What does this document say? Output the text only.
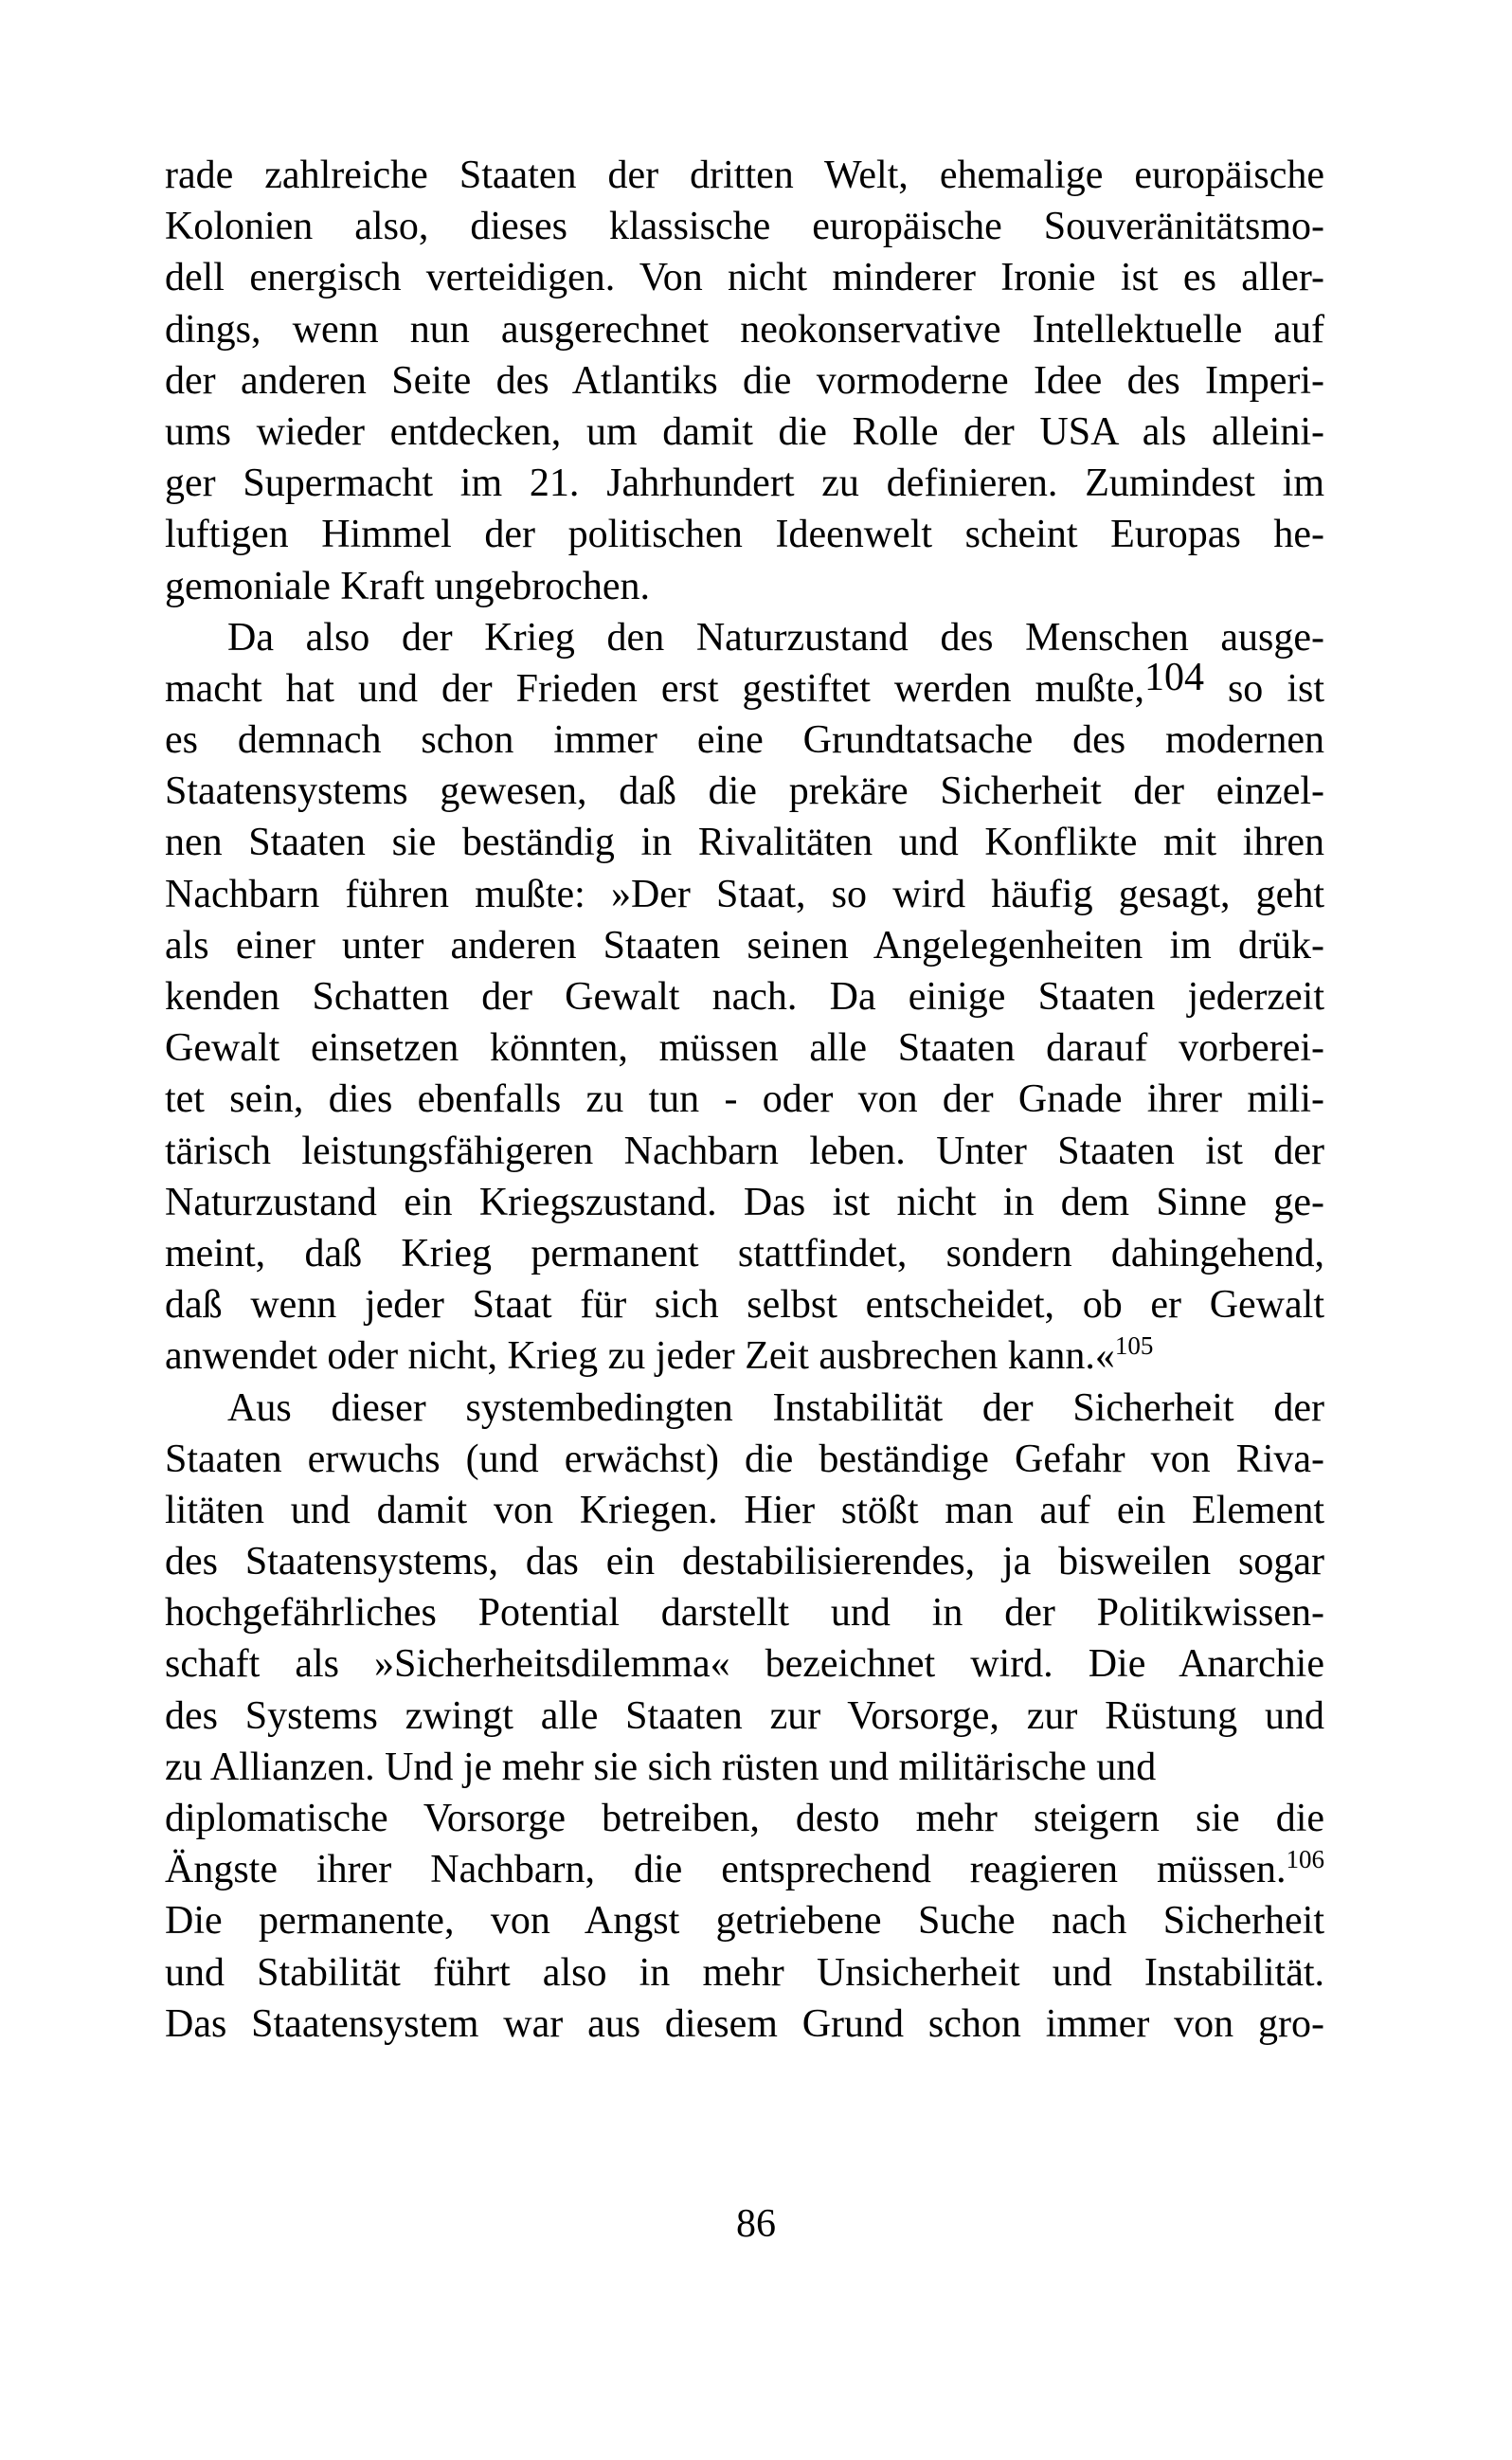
rade zahlreiche Staaten der dritten Welt, ehemalige europäische
Kolonien also, dieses klassische europäische Souveränitätsmo-
dell energisch verteidigen. Von nicht minderer Ironie ist es aller-
dings, wenn nun ausgerechnet neokonservative Intellektuelle auf
der anderen Seite des Atlantiks die vormoderne Idee des Imperi-
ums wieder entdecken, um damit die Rolle der USA als alleini-
ger Supermacht im 21. Jahrhundert zu definieren. Zumindest im
luftigen Himmel der politischen Ideenwelt scheint Europas he-
gemoniale Kraft ungebrochen.
Da also der Krieg den Naturzustand des Menschen ausge-
macht hat und der Frieden erst gestiftet werden mußte,104 so ist
es demnach schon immer eine Grundtatsache des modernen
Staatensystems gewesen, daß die prekäre Sicherheit der einzel-
nen Staaten sie beständig in Rivalitäten und Konflikte mit ihren
Nachbarn führen mußte: »Der Staat, so wird häufig gesagt, geht
als einer unter anderen Staaten seinen Angelegenheiten im drük-
kenden Schatten der Gewalt nach. Da einige Staaten jederzeit
Gewalt einsetzen könnten, müssen alle Staaten darauf vorberei-
tet sein, dies ebenfalls zu tun - oder von der Gnade ihrer mili-
tärisch leistungsfähigeren Nachbarn leben. Unter Staaten ist der
Naturzustand ein Kriegszustand. Das ist nicht in dem Sinne ge-
meint, daß Krieg permanent stattfindet, sondern dahingehend,
daß wenn jeder Staat für sich selbst entscheidet, ob er Gewalt
anwendet oder nicht, Krieg zu jeder Zeit ausbrechen kann.«$^{105}$
Aus dieser systembedingten Instabilität der Sicherheit der
Staaten erwuchs (und erwächst) die beständige Gefahr von Riva-
litäten und damit von Kriegen. Hier stößt man auf ein Element
des Staatensystems, das ein destabilisierendes, ja bisweilen sogar
hochgefährliches Potential darstellt und in der Politikwissen-
schaft als »Sicherheitsdilemma« bezeichnet wird. Die Anarchie
des Systems zwingt alle Staaten zur Vorsorge, zur Rüstung und
zu Allianzen. Und je mehr sie sich rüsten und militärische und
diplomatische Vorsorge betreiben, desto mehr steigern sie die
Ängste ihrer Nachbarn, die entsprechend reagieren müssen.$^{106}$
Die permanente, von Angst getriebene Suche nach Sicherheit
und Stabilität führt also in mehr Unsicherheit und Instabilität.
Das Staatensystem war aus diesem Grund schon immer von gro-
86
